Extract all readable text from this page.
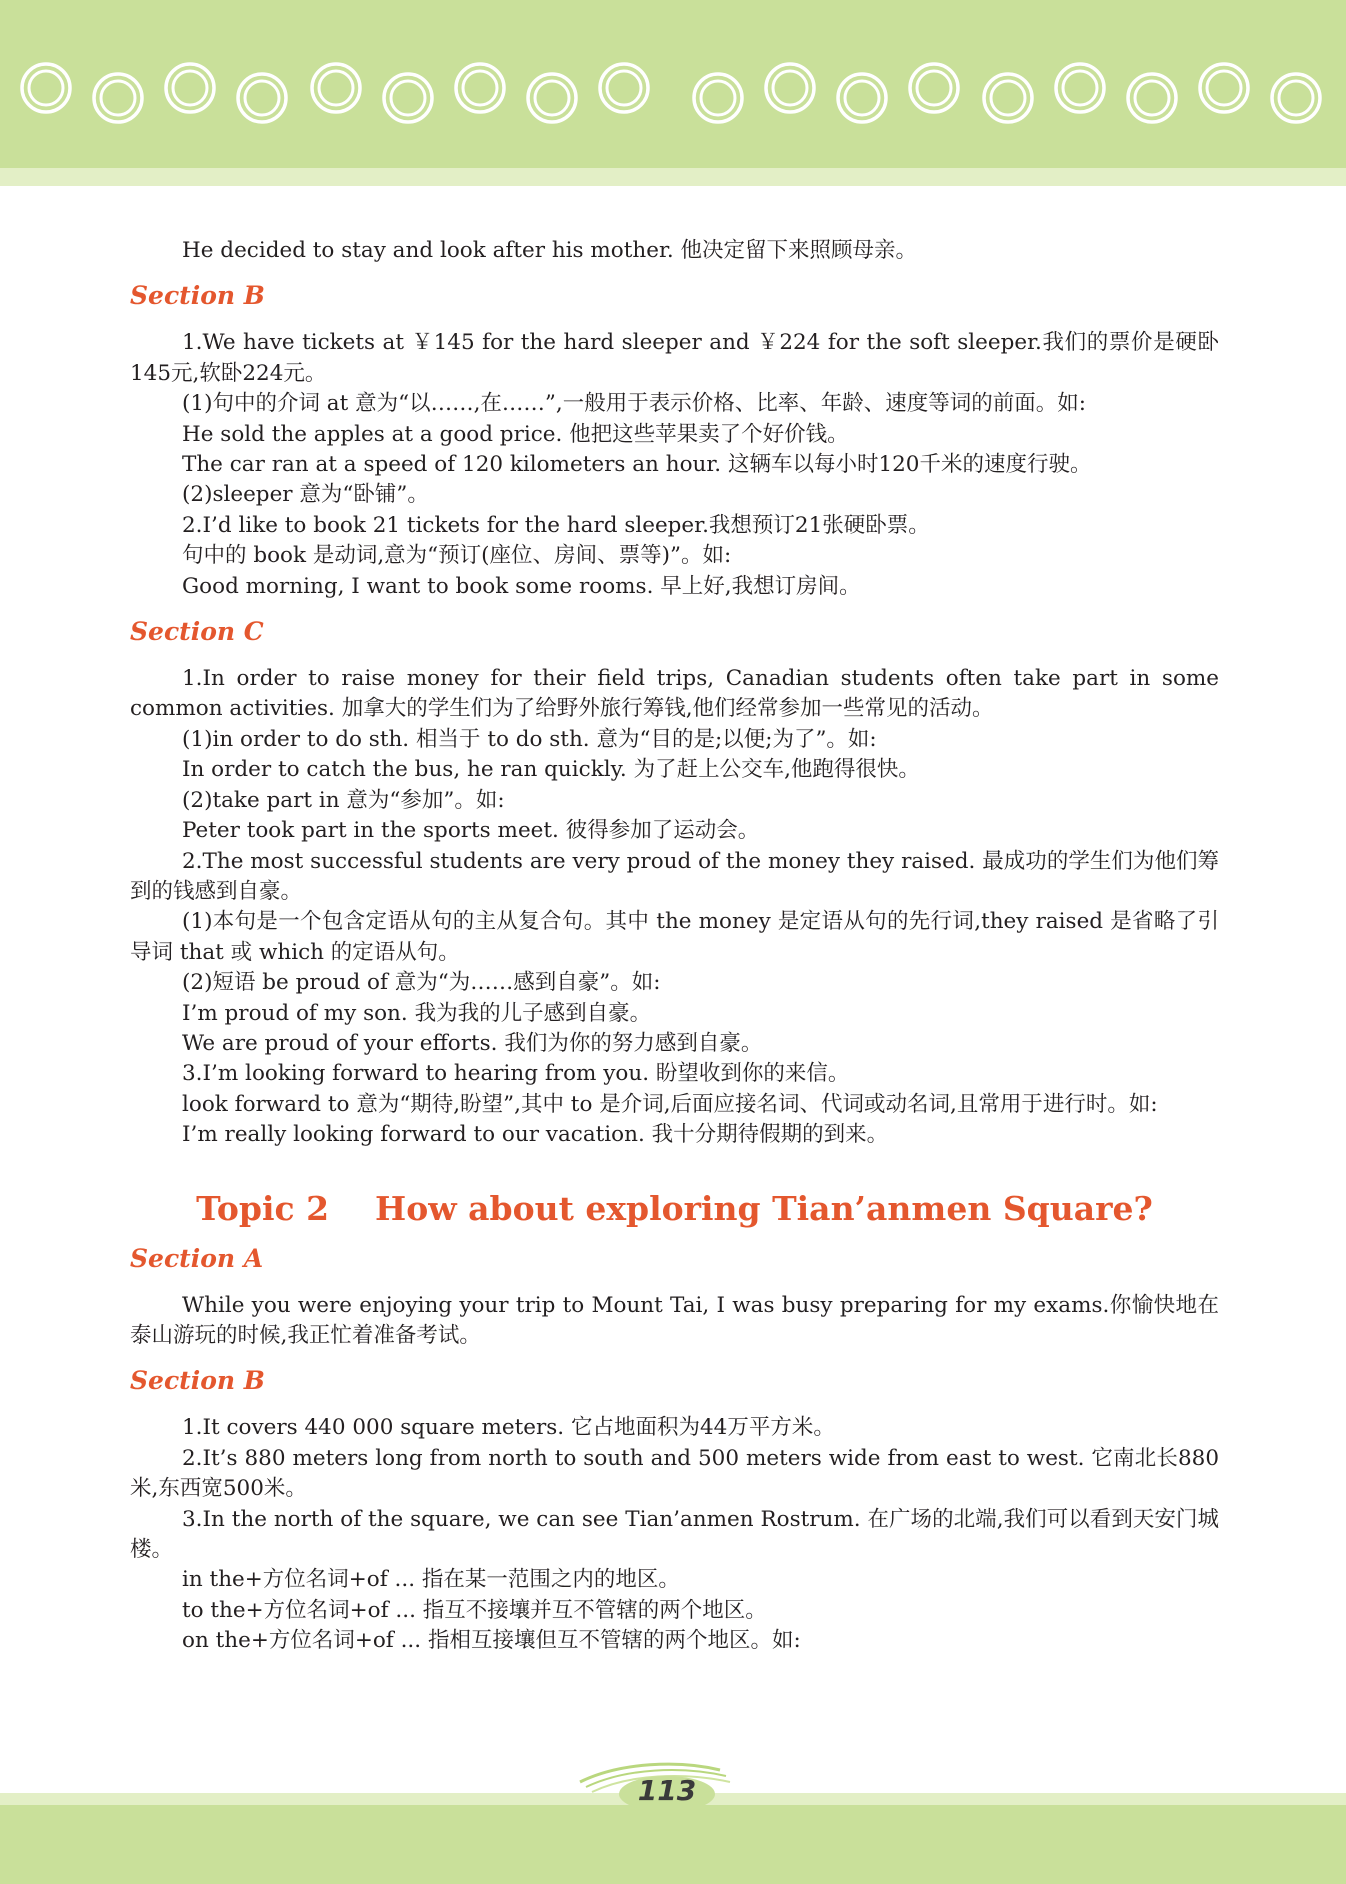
He decided to stay and look after his mother. 他决定留下来照顾母亲。

Section B

1.We have tickets at ￥145 for the hard sleeper and ￥224 for the soft sleeper.我们的票价是硬卧145元,软卧224元。

(1)句中的介词 at 意为“以……,在……”,一般用于表示价格、比率、年龄、速度等词的前面。如:

He sold the apples at a good price. 他把这些苹果卖了个好价钱。

The car ran at a speed of 120 kilometers an hour. 这辆车以每小时120千米的速度行驶。

(2)sleeper 意为“卧铺”。

2.I’d like to book 21 tickets for the hard sleeper.我想预订21张硬卧票。

句中的 book 是动词,意为“预订(座位、房间、票等)”。如:

Good morning, I want to book some rooms. 早上好,我想订房间。

Section C

1.In order to raise money for their field trips, Canadian students often take part in some common activities. 加拿大的学生们为了给野外旅行筹钱,他们经常参加一些常见的活动。

(1)in order to do sth. 相当于 to do sth. 意为“目的是;以便;为了”。如:

In order to catch the bus, he ran quickly. 为了赶上公交车,他跑得很快。

(2)take part in 意为“参加”。如:

Peter took part in the sports meet. 彼得参加了运动会。

2.The most successful students are very proud of the money they raised. 最成功的学生们为他们筹到的钱感到自豪。

(1)本句是一个包含定语从句的主从复合句。其中 the money 是定语从句的先行词,they raised 是省略了引导词 that 或 which 的定语从句。

(2)短语 be proud of 意为“为……感到自豪”。如:

I’m proud of my son. 我为我的儿子感到自豪。

We are proud of your efforts. 我们为你的努力感到自豪。

3.I’m looking forward to hearing from you. 盼望收到你的来信。

look forward to 意为“期待,盼望”,其中 to 是介词,后面应接名词、代词或动名词,且常用于进行时。如:

I’m really looking forward to our vacation. 我十分期待假期的到来。

Topic 2    How about exploring Tian’anmen Square?
Section A

While you were enjoying your trip to Mount Tai, I was busy preparing for my exams.你愉快地在泰山游玩的时候,我正忙着准备考试。

Section B

1.It covers 440 000 square meters. 它占地面积为44万平方米。

2.It’s 880 meters long from north to south and 500 meters wide from east to west. 它南北长880米,东西宽500米。

3.In the north of the square, we can see Tian’anmen Rostrum. 在广场的北端,我们可以看到天安门城楼。

in the+方位名词+of ... 指在某一范围之内的地区。

to the+方位名词+of ... 指互不接壤并互不管辖的两个地区。

on the+方位名词+of ... 指相互接壤但互不管辖的两个地区。如:

113
